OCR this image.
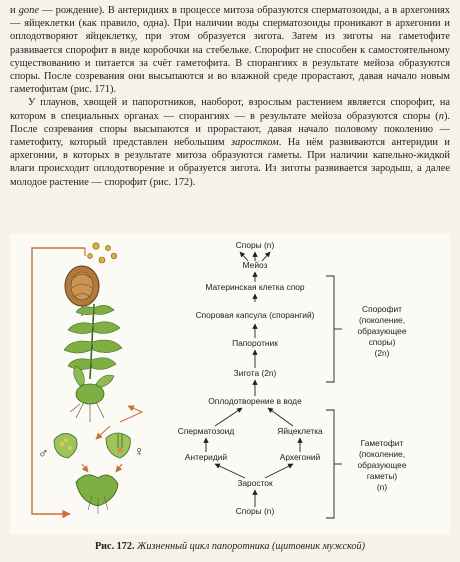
и gone — рождение). В антеридиях в процессе митоза образуются сперматозоиды, а в архегониях — яйцеклетки (как правило, одна). При наличии воды сперматозоиды проникают в архегонии и оплодотворяют яйцеклетку, при этом образуется зигота. Затем из зиготы на гаметофите развивается спорофит в виде коробочки на стебельке. Спорофит не способен к самостоятельному существованию и питается за счёт гаметофита. В спорангиях в результате мейоза образуются споры. После созревания они высыпаются и во влажной среде прорастают, давая начало новым гаметофитам (рис. 171).

У плаунов, хвощей и папоротников, наоборот, взрослым растением является спорофит, на котором в специальных органах — спорангиях — в результате мейоза образуются споры (n). После созревания споры высыпаются и прорастают, давая начало половому поколению — гаметофиту, который представлен небольшим заростком. На нём развиваются антеридии и архегонии, в которых в результате митоза образуются гаметы. При наличии капельно-жидкой влаги происходит оплодотворение и образуется зигота. Из зиготы развивается зародыш, а далее молодое растение — спорофит (рис. 172).

♂	♀
Споры (n)
Мейоз
Материнская клетка спор
Споровая капсула (спорангий)
Папоротник
Зигота (2n)
Оплодотворение в воде
Сперматозоид	Яйцеклетка
Антеридий	Архегоний
Заросток
Споры (n)
Спорофит
(поколение,
образующее
споры)
(2n)
Гаметофит
(поколение,
образующее
гаметы)
(n)
Рис. 172. Жизненный цикл папоротника (щитовник мужской)
